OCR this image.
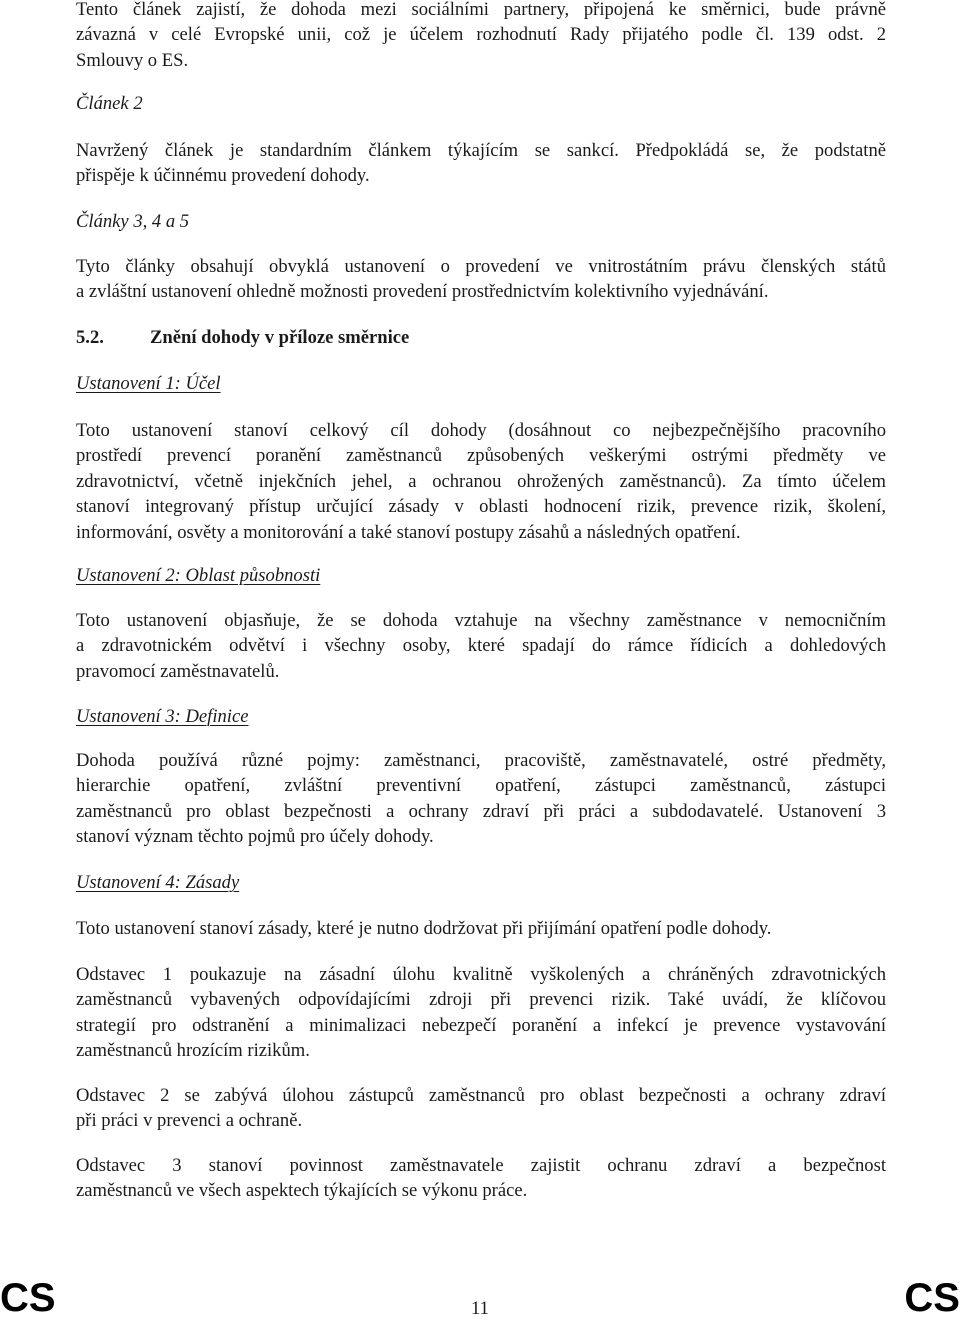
Tento článek zajistí, že dohoda mezi sociálními partnery, připojená ke směrnici, bude právně
závazná v celé Evropské unii, což je účelem rozhodnutí Rady přijatého podle čl. 139 odst. 2
Smlouvy o ES.

Článek 2

Navržený článek je standardním článkem týkajícím se sankcí. Předpokládá se, že podstatně
přispěje k účinnému provedení dohody.

Články 3, 4 a 5

Tyto články obsahují obvyklá ustanovení o provedení ve vnitrostátním právu členských států
a zvláštní ustanovení ohledně možnosti provedení prostřednictvím kolektivního vyjednávání.

5.2. Znění dohody v příloze směrnice

Ustanovení 1: Účel

Toto ustanovení stanoví celkový cíl dohody (dosáhnout co nejbezpečnějšího pracovního
prostředí prevencí poranění zaměstnanců způsobených veškerými ostrými předměty ve
zdravotnictví, včetně injekčních jehel, a ochranou ohrožených zaměstnanců). Za tímto účelem
stanoví integrovaný přístup určující zásady v oblasti hodnocení rizik, prevence rizik, školení,
informování, osvěty a monitorování a také stanoví postupy zásahů a následných opatření.

Ustanovení 2: Oblast působnosti

Toto ustanovení objasňuje, že se dohoda vztahuje na všechny zaměstnance v nemocničním
a zdravotnickém odvětví i všechny osoby, které spadají do rámce řídicích a dohledových
pravomocí zaměstnavatelů.

Ustanovení 3: Definice

Dohoda používá různé pojmy: zaměstnanci, pracoviště, zaměstnavatelé, ostré předměty,
hierarchie opatření, zvláštní preventivní opatření, zástupci zaměstnanců, zástupci
zaměstnanců pro oblast bezpečnosti a ochrany zdraví při práci a subdodavatelé. Ustanovení 3
stanoví význam těchto pojmů pro účely dohody.

Ustanovení 4: Zásady

Toto ustanovení stanoví zásady, které je nutno dodržovat při přijímání opatření podle dohody.

Odstavec 1 poukazuje na zásadní úlohu kvalitně vyškolených a chráněných zdravotnických
zaměstnanců vybavených odpovídajícími zdroji při prevenci rizik. Také uvádí, že klíčovou
strategií pro odstranění a minimalizaci nebezpečí poranění a infekcí je prevence vystavování
zaměstnanců hrozícím rizikům.

Odstavec 2 se zabývá úlohou zástupců zaměstnanců pro oblast bezpečnosti a ochrany zdraví
při práci v prevenci a ochraně.

Odstavec 3 stanoví povinnost zaměstnavatele zajistit ochranu zdraví a bezpečnost
zaměstnanců ve všech aspektech týkajících se výkonu práce.

CS	11	CS
